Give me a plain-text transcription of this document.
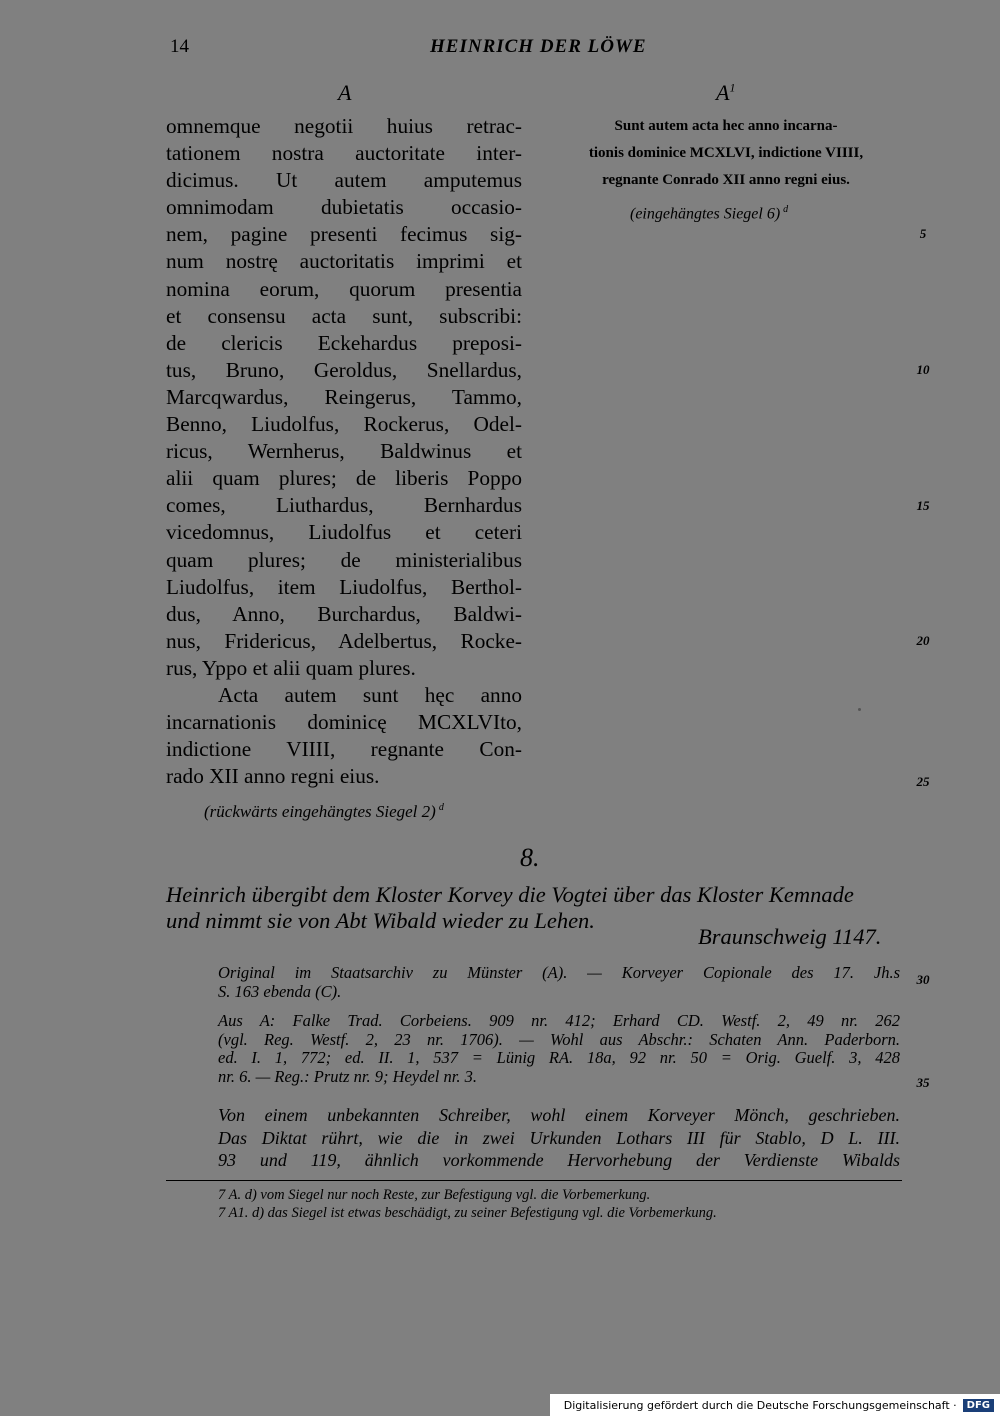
14	HEINRICH DER LÖWE
A	$A^1$
omnemque negotii huius retrac-
tationem nostra auctoritate inter-
dicimus. Ut autem amputemus
omnimodam dubietatis occasio-
nem, pagine presenti fecimus sig-
num nostrę auctoritatis imprimi et
nomina eorum, quorum presentia
et consensu acta sunt, subscribi:
de clericis Eckehardus preposi-
tus, Bruno, Geroldus, Snellardus,
Marcqwardus, Reingerus, Tammo,
Benno, Liudolfus, Rockerus, Odel-
ricus, Wernherus, Baldwinus et
alii quam plures; de liberis Poppo
comes, Liuthardus, Bernhardus
vicedomnus, Liudolfus et ceteri
quam plures; de ministerialibus
Liudolfus, item Liudolfus, Berthol-
dus, Anno, Burchardus, Baldwi-
nus, Fridericus, Adelbertus, Rocke-
rus, Yppo et alii quam plures.
Acta autem sunt hęc anno
incarnationis dominicę MCXLVIto,
indictione VIIII, regnante Con-
rado XII anno regni eius.
Sunt autem acta hec anno incarna-
tionis dominice MCXLVI, indictione VIIII,
regnante Conrado XII anno regni eius.
(rückwärts eingehängtes Siegel 2) $^d$
(eingehängtes Siegel 6) $^d$
5
10
15
20
25
30
35
8.
Heinrich übergibt dem Kloster Korvey die Vogtei über das Kloster Kemnade
und nimmt sie von Abt Wibald wieder zu Lehen.
Braunschweig 1147.
Original im Staatsarchiv zu Münster (A). — Korveyer Copionale des 17. Jh.s
S. 163 ebenda (C).
Aus A: Falke Trad. Corbeiens. 909 nr. 412; Erhard CD. Westf. 2, 49 nr. 262
(vgl. Reg. Westf. 2, 23 nr. 1706). — Wohl aus Abschr.: Schaten Ann. Paderborn.
ed. I. 1, 772; ed. II. 1, 537 = Lünig RA. 18a, 92 nr. 50 = Orig. Guelf. 3, 428
nr. 6. — Reg.: Prutz nr. 9; Heydel nr. 3.
Von einem unbekannten Schreiber, wohl einem Korveyer Mönch, geschrieben.
Das Diktat rührt, wie die in zwei Urkunden Lothars III für Stablo, D L. III.
93 und 119, ähnlich vorkommende Hervorhebung der Verdienste Wibalds
7 A. d) vom Siegel nur noch Reste, zur Befestigung vgl. die Vorbemerkung.
7 A1. d) das Siegel ist etwas beschädigt, zu seiner Befestigung vgl. die Vorbemerkung.
Digitalisierung gefördert durch die Deutsche Forschungsgemeinschaft ·	DFG
